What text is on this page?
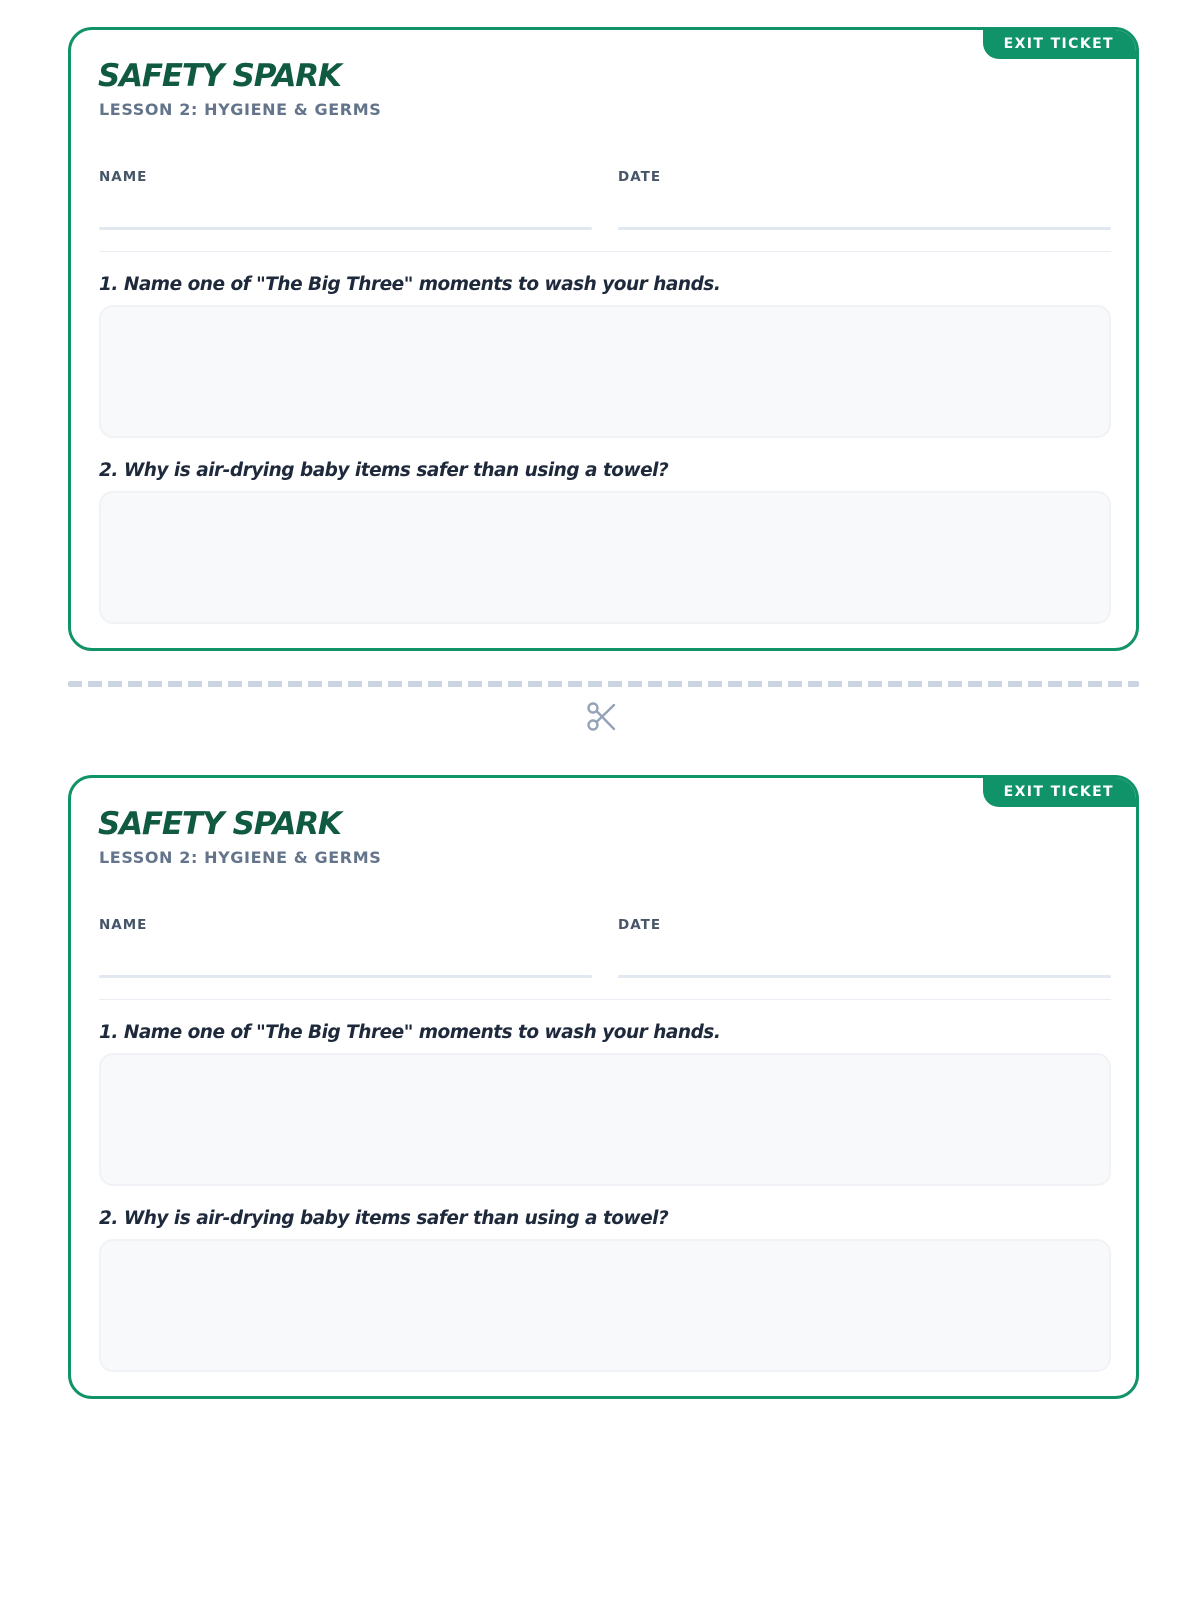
EXIT TICKET
SAFETY SPARK
LESSON 2: HYGIENE & GERMS
NAME	DATE
1. Name one of "The Big Three" moments to wash your hands.
2. Why is air-drying baby items safer than using a towel?
EXIT TICKET
SAFETY SPARK
LESSON 2: HYGIENE & GERMS
NAME	DATE
1. Name one of "The Big Three" moments to wash your hands.
2. Why is air-drying baby items safer than using a towel?
